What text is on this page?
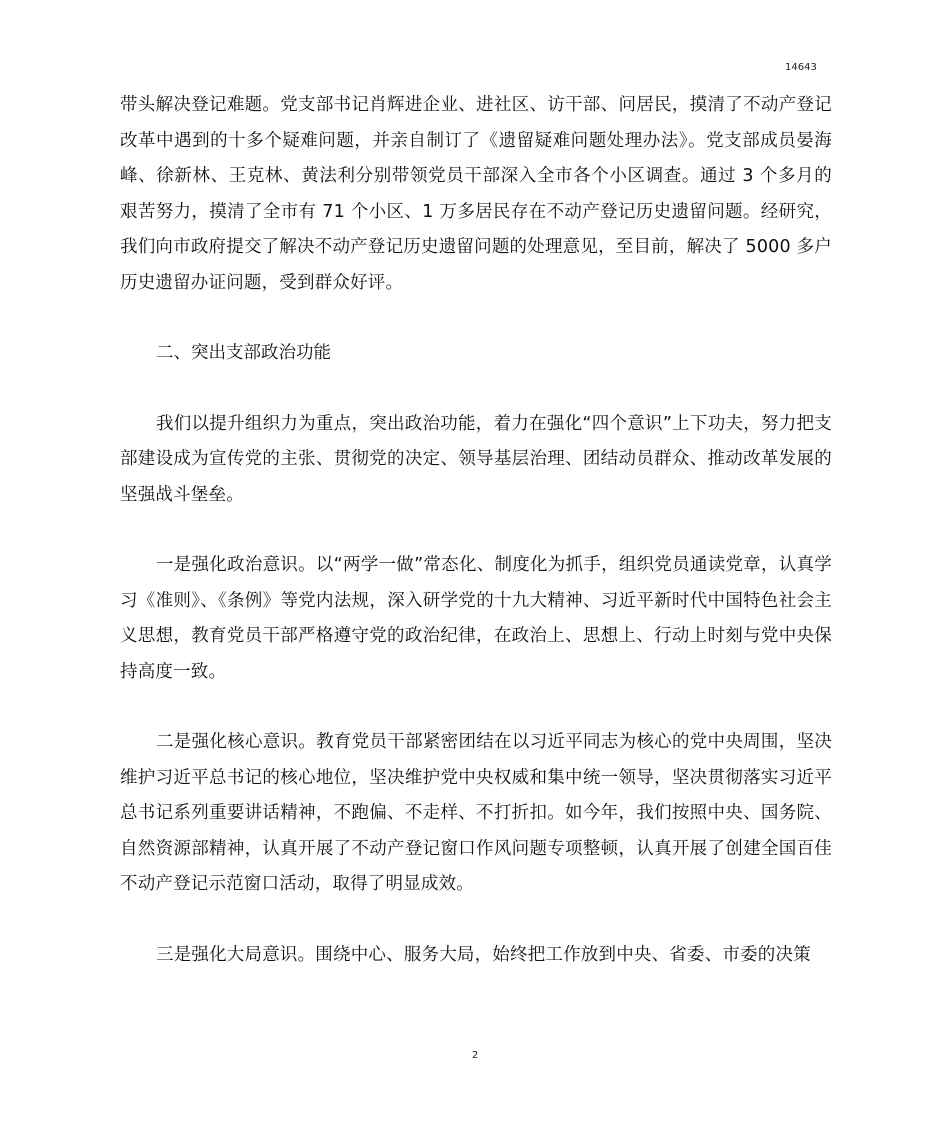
14643

带头解决登记难题。党支部书记肖辉进企业、进社区、访干部、问居民，摸清了不动产登记改革中遇到的十多个疑难问题，并亲自制订了《遗留疑难问题处理办法》。党支部成员晏海峰、徐新林、王克林、黄法利分别带领党员干部深入全市各个小区调查。通过 3 个多月的艰苦努力，摸清了全市有 71 个小区、1 万多居民存在不动产登记历史遗留问题。经研究，我们向市政府提交了解决不动产登记历史遗留问题的处理意见，至目前，解决了 5000 多户历史遗留办证问题，受到群众好评。

二、突出支部政治功能

我们以提升组织力为重点，突出政治功能，着力在强化“四个意识”上下功夫，努力把支部建设成为宣传党的主张、贯彻党的决定、领导基层治理、团结动员群众、推动改革发展的坚强战斗堡垒。

一是强化政治意识。以“两学一做”常态化、制度化为抓手，组织党员通读党章，认真学习《准则》、《条例》等党内法规，深入研学党的十九大精神、习近平新时代中国特色社会主义思想，教育党员干部严格遵守党的政治纪律，在政治上、思想上、行动上时刻与党中央保持高度一致。

二是强化核心意识。教育党员干部紧密团结在以习近平同志为核心的党中央周围，坚决维护习近平总书记的核心地位，坚决维护党中央权威和集中统一领导，坚决贯彻落实习近平总书记系列重要讲话精神，不跑偏、不走样、不打折扣。如今年，我们按照中央、国务院、自然资源部精神，认真开展了不动产登记窗口作风问题专项整顿，认真开展了创建全国百佳不动产登记示范窗口活动，取得了明显成效。

三是强化大局意识。围绕中心、服务大局，始终把工作放到中央、省委、市委的决策

2
